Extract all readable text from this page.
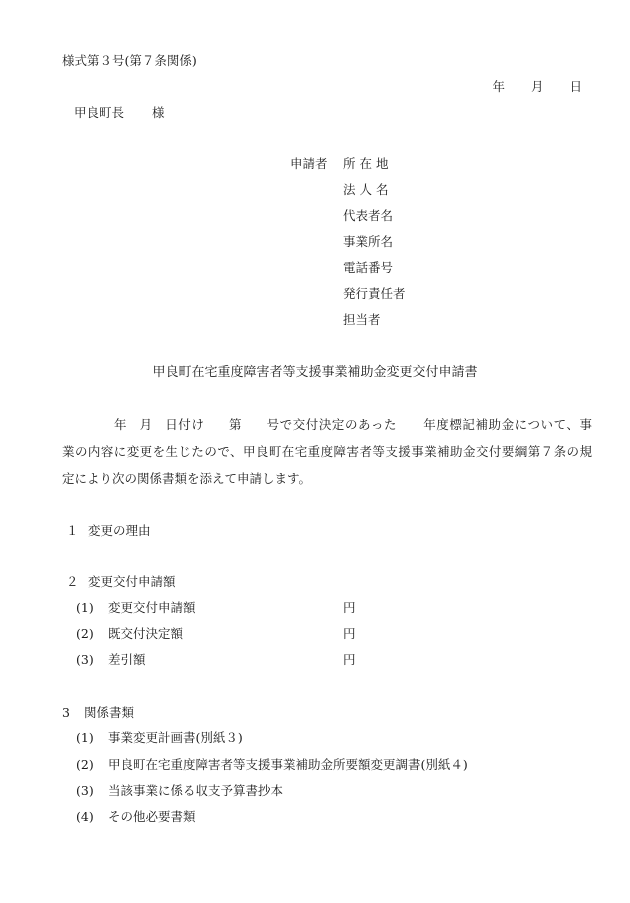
様式第３号(第７条関係)
年 月 日
甲良町長 様
申請者 所 在 地
法 人 名
代表者名
事業所名
電話番号
発行責任者
担当者
甲良町在宅重度障害者等支援事業補助金変更交付申請書
年 月 日付け 第 号で交付決定のあった　　年度標記補助金について、事
業の内容に変更を生じたので、甲良町在宅重度障害者等支援事業補助金交付要綱第７条の規
定により次の関係書類を添えて申請します。
１ 変更の理由
２ 変更交付申請額
(1) 変更交付申請額	円
(2) 既交付決定額	円
(3) 差引額	円
3 関係書類
(1) 事業変更計画書(別紙３)
(2) 甲良町在宅重度障害者等支援事業補助金所要額変更調書(別紙４)
(3) 当該事業に係る収支予算書抄本
(4) その他必要書類
